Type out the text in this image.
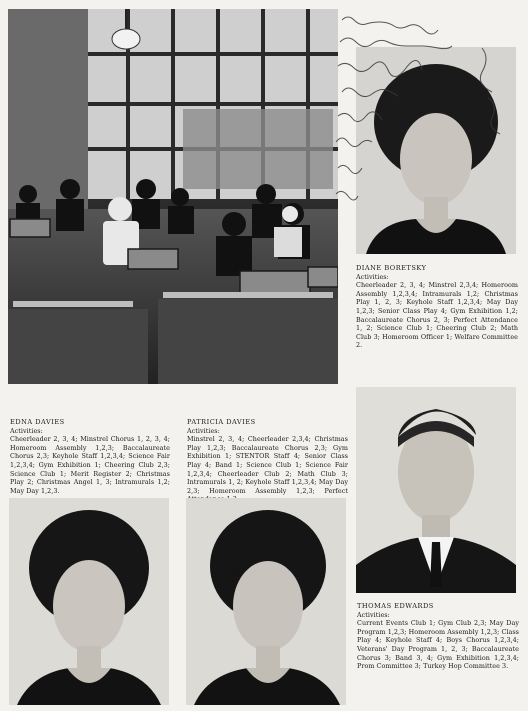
DIANE BORETSKY
Activities:

Cheerleader 2, 3, 4; Minstrel 2,3,4; Homeroom Assembly 1,2,3,4; Intramurals 1,2; Christmas Play 1, 2, 3; Keyhole Staff 1,2,3,4; May Day 1,2,3; Senior Class Play 4; Gym Exhibition 1,2; Baccalaureate Chorus 2, 3; Perfect Attendance 1, 2; Science Club 1; Cheering Club 2; Math Club 3; Homeroom Officer 1; Welfare Committee 2.

EDNA DAVIES
Activities:

Cheerleader 2, 3, 4; Minstrel Chorus 1, 2, 3, 4; Homeroom Assembly 1,2,3; Baccalaureate Chorus 2,3; Keyhole Staff 1,2,3,4; Science Fair 1,2,3,4; Gym Exhibition 1; Cheering Club 2,3; Science Club 1; Merit Register 2; Christmas Play 2; Christmas Angel 1, 3; Intramurals 1,2; May Day 1,2,3.

PATRICIA DAVIES
Activities:

Minstrel 2, 3, 4; Cheerleader 2,3,4; Christmas Play 1,2,3; Baccalaureate Chorus 2,3; Gym Exhibition 1; STENTOR Staff 4; Senior Class Play 4; Band 1; Science Club 1; Science Fair 1,2,3,4; Cheerleader Club 2; Math Club 3; Intramurals 1, 2; Keyhole Staff 1,2,3,4; May Day 2,3; Homeroom Assembly 1,2,3; Perfect

THOMAS EDWARDS
Activities:

Current Events Club 1; Gym Club 2,3; May Day Program 1,2,3; Homeroom Assembly 1,2,3; Class Play 4; Keyhole Staff 4; Boys Chorus 1,2,3,4; Veterans' Day Program 1, 2, 3; Baccalaureate Chorus 3; Band 3, 4; Gym Exhibition 1,2,3,4; Prom Committee 3; Turkey Hop Committee 3.
